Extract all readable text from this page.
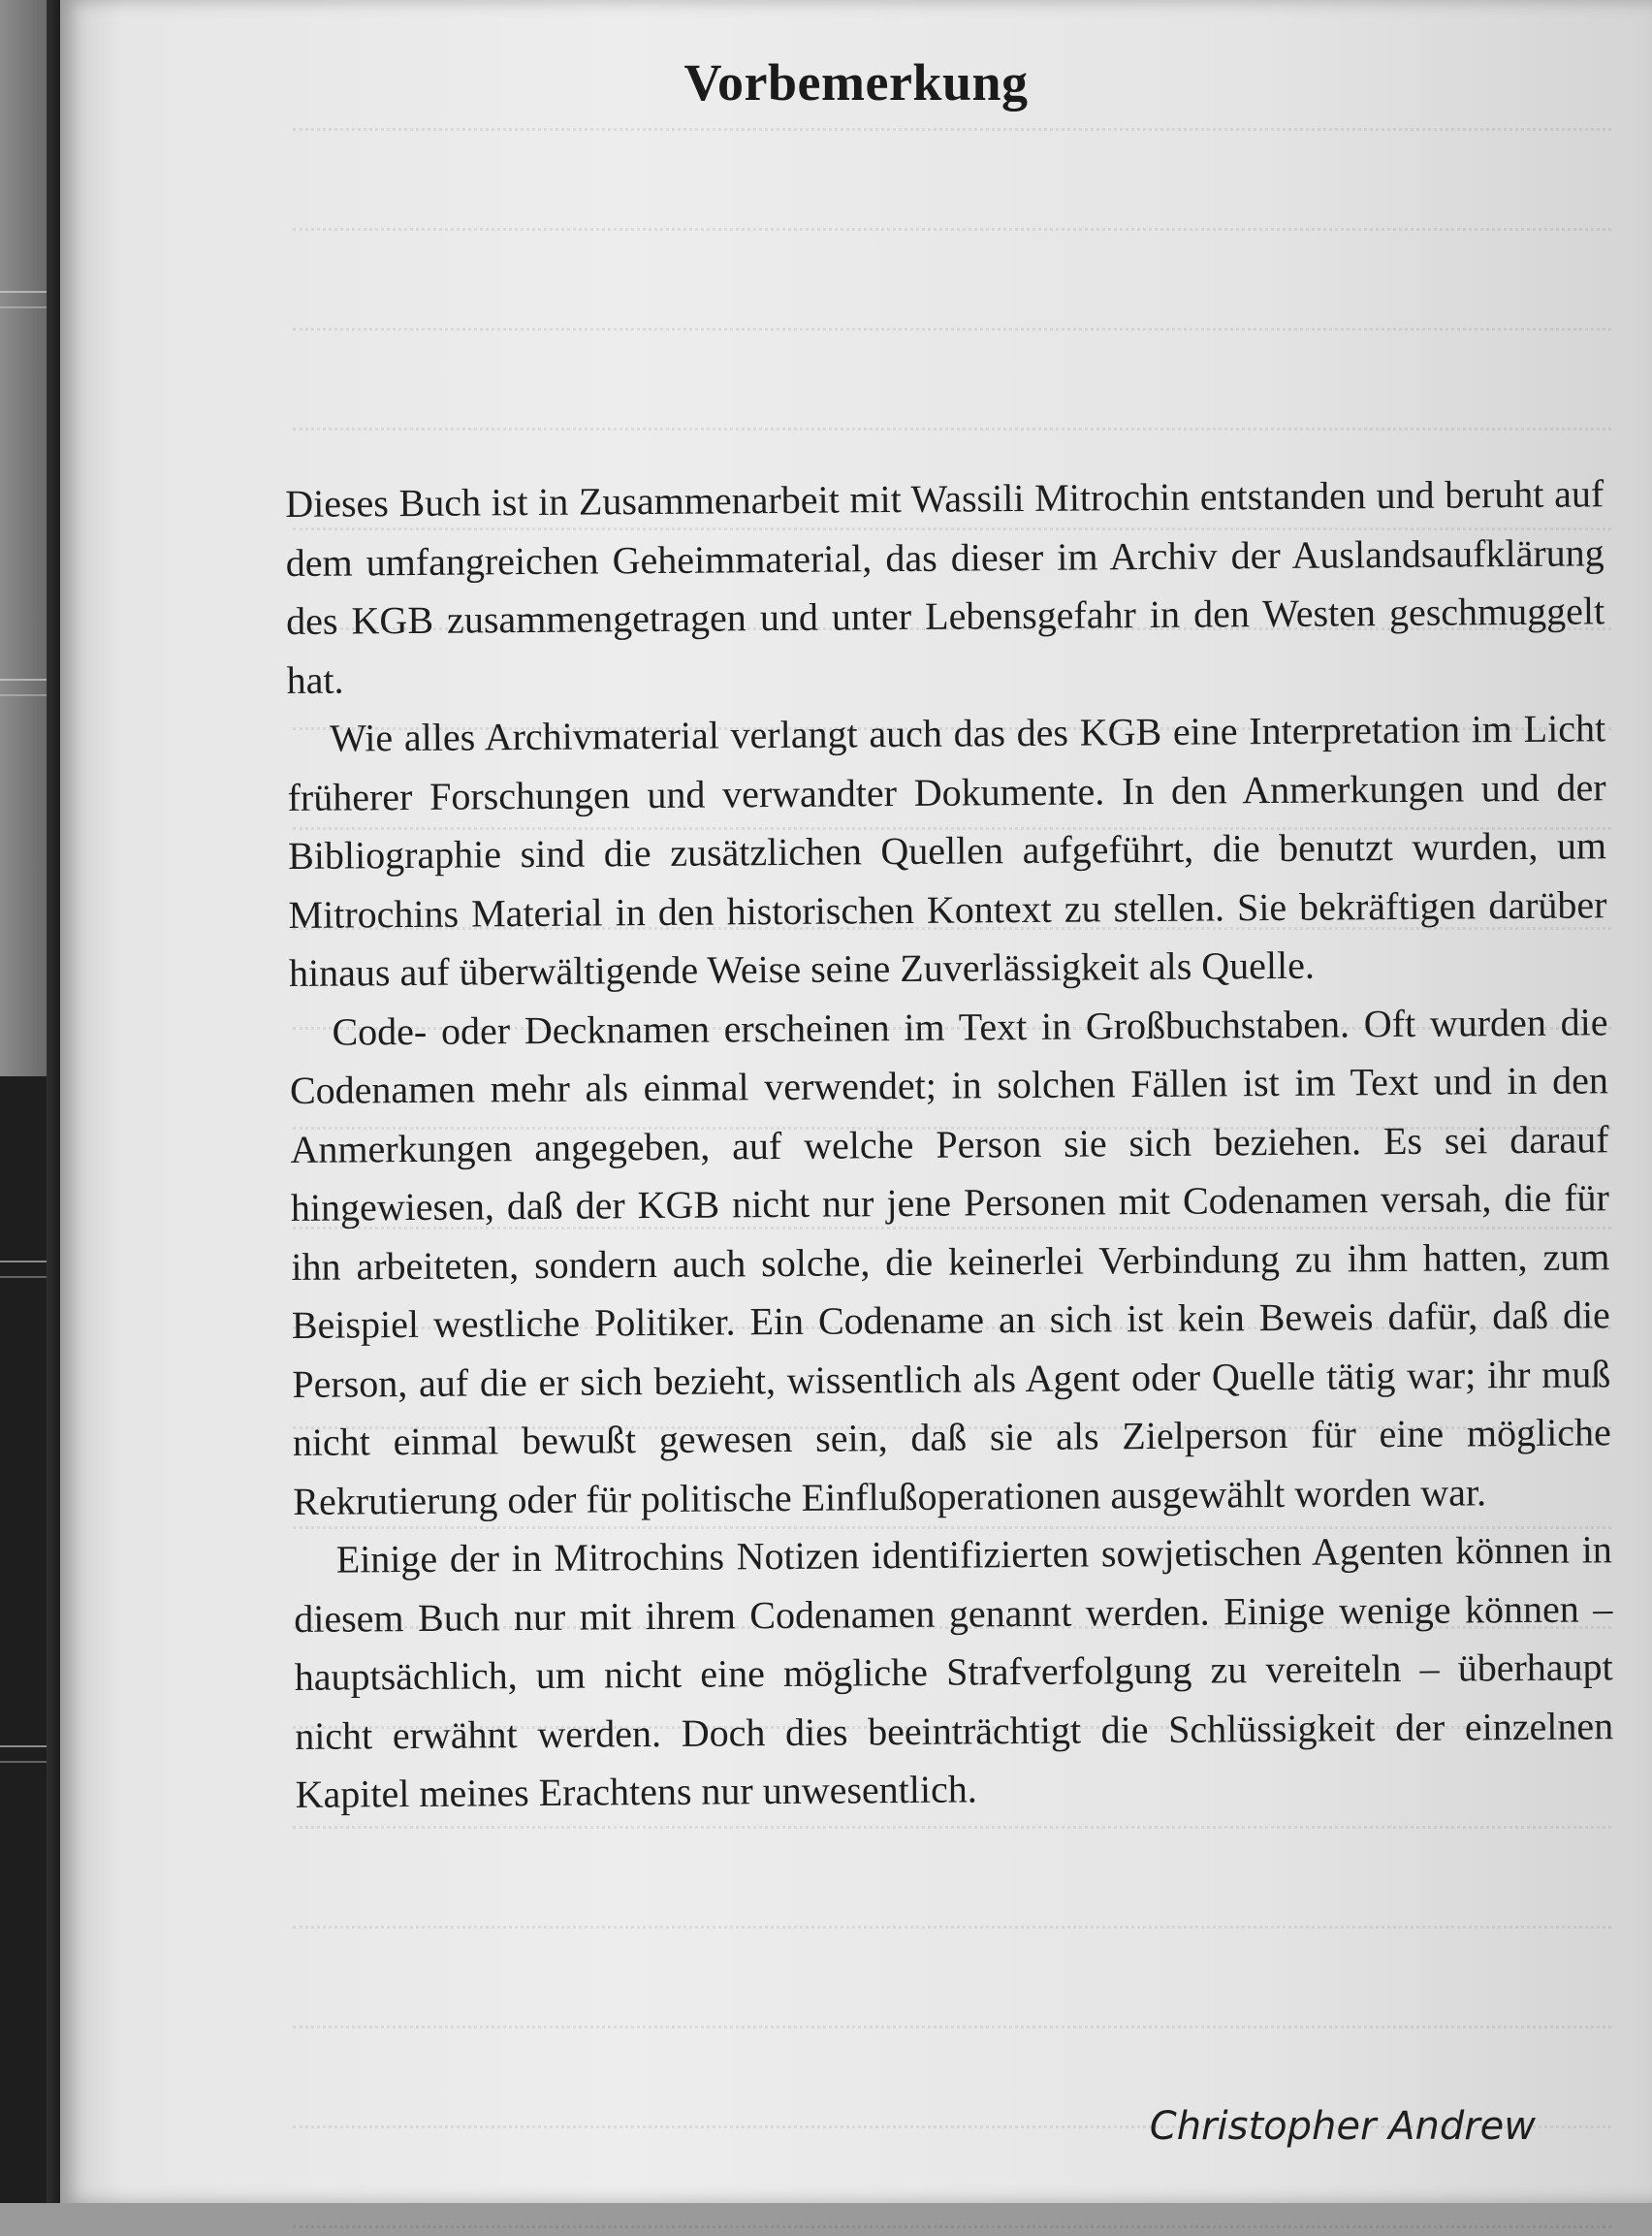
Vorbemerkung

Dieses Buch ist in Zusammenarbeit mit Wassili Mitrochin entstanden und beruht auf dem umfangreichen Geheimmaterial, das dieser im Archiv der Auslandsaufklärung des KGB zusammengetragen und unter Lebensgefahr in den Westen geschmuggelt hat.

Wie alles Archivmaterial verlangt auch das des KGB eine Interpretation im Licht früherer Forschungen und verwandter Dokumente. In den Anmerkungen und der Bibliographie sind die zusätzlichen Quellen aufgeführt, die benutzt wurden, um Mitrochins Material in den historischen Kontext zu stellen. Sie bekräftigen darüber hinaus auf überwältigende Weise seine Zuverlässigkeit als Quelle.

Code- oder Decknamen erscheinen im Text in Großbuchstaben. Oft wurden die Codenamen mehr als einmal verwendet; in solchen Fällen ist im Text und in den Anmerkungen angegeben, auf welche Person sie sich beziehen. Es sei darauf hingewiesen, daß der KGB nicht nur jene Personen mit Codenamen versah, die für ihn arbeiteten, sondern auch solche, die keinerlei Verbindung zu ihm hatten, zum Beispiel westliche Politiker. Ein Codename an sich ist kein Beweis dafür, daß die Person, auf die er sich bezieht, wissentlich als Agent oder Quelle tätig war; ihr muß nicht einmal bewußt gewesen sein, daß sie als Zielperson für eine mögliche Rekrutierung oder für politische Einflußoperationen ausgewählt worden war.

Einige der in Mitrochins Notizen identifizierten sowjetischen Agenten können in diesem Buch nur mit ihrem Codenamen genannt werden. Einige wenige können – hauptsächlich, um nicht eine mögliche Strafverfolgung zu vereiteln – überhaupt nicht erwähnt werden. Doch dies beeinträchtigt die Schlüssigkeit der einzelnen Kapitel meines Erachtens nur unwesentlich.

Christopher Andrew
